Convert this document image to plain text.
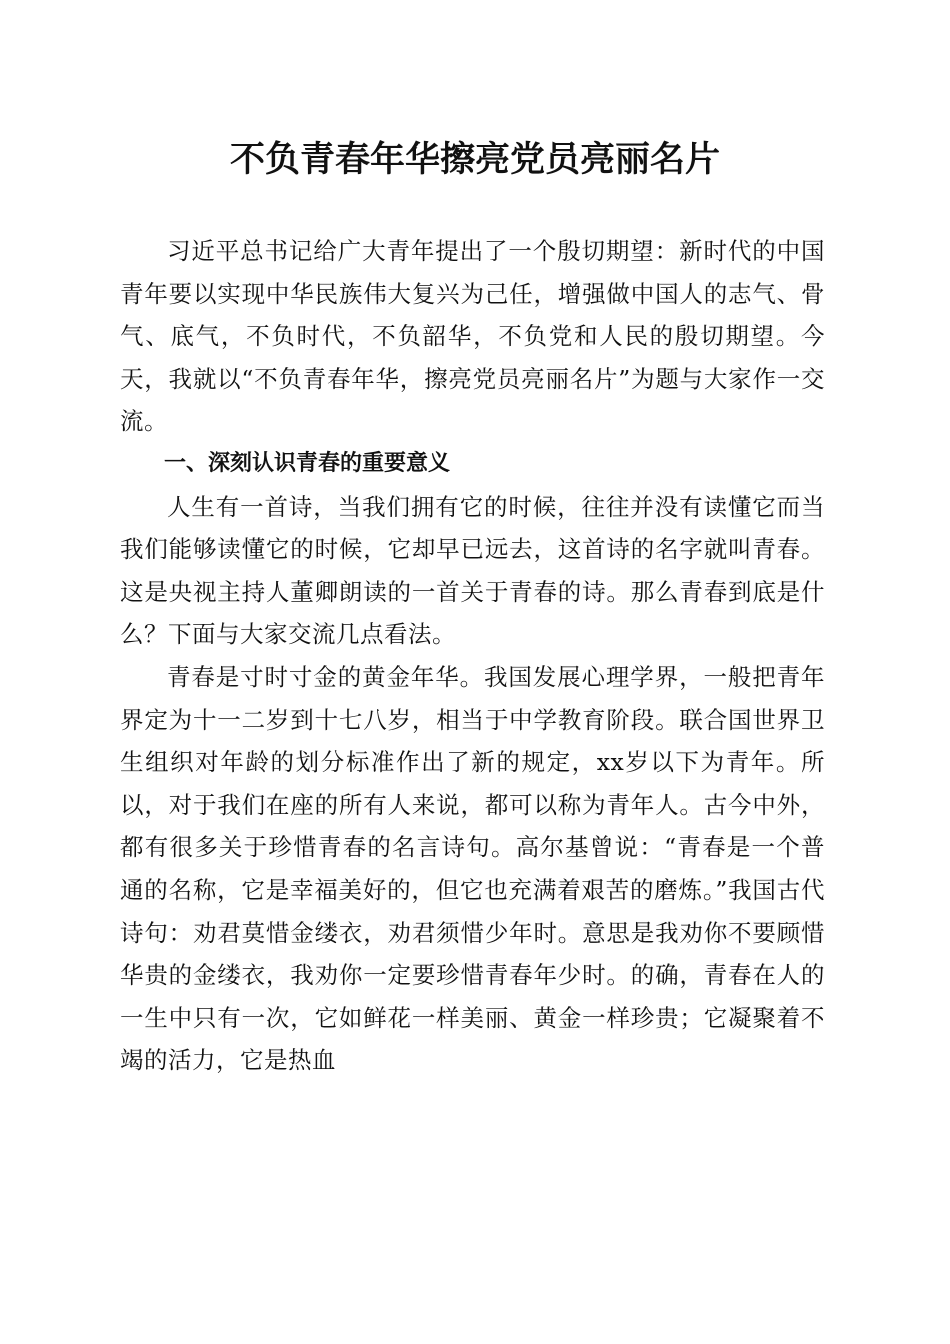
不负青春年华擦亮党员亮丽名片

习近平总书记给广大青年提出了一个殷切期望：新时代的中国青年要以实现中华民族伟大复兴为己任，增强做中国人的志气、骨气、底气，不负时代，不负韶华，不负党和人民的殷切期望。今天，我就以“不负青春年华，擦亮党员亮丽名片”为题与大家作一交流。

一、深刻认识青春的重要意义

人生有一首诗，当我们拥有它的时候，往往并没有读懂它而当我们能够读懂它的时候，它却早已远去，这首诗的名字就叫青春。这是央视主持人董卿朗读的一首关于青春的诗。那么青春到底是什么？下面与大家交流几点看法。

青春是寸时寸金的黄金年华。我国发展心理学界，一般把青年界定为十一二岁到十七八岁，相当于中学教育阶段。联合国世界卫生组织对年龄的划分标准作出了新的规定，xx岁以下为青年。所以，对于我们在座的所有人来说，都可以称为青年人。古今中外，都有很多关于珍惜青春的名言诗句。高尔基曾说：“青春是一个普通的名称，它是幸福美好的，但它也充满着艰苦的磨炼。”我国古代诗句：劝君莫惜金缕衣，劝君须惜少年时。意思是我劝你不要顾惜华贵的金缕衣，我劝你一定要珍惜青春年少时。的确，青春在人的一生中只有一次，它如鲜花一样美丽、黄金一样珍贵；它凝聚着不竭的活力，它是热血
